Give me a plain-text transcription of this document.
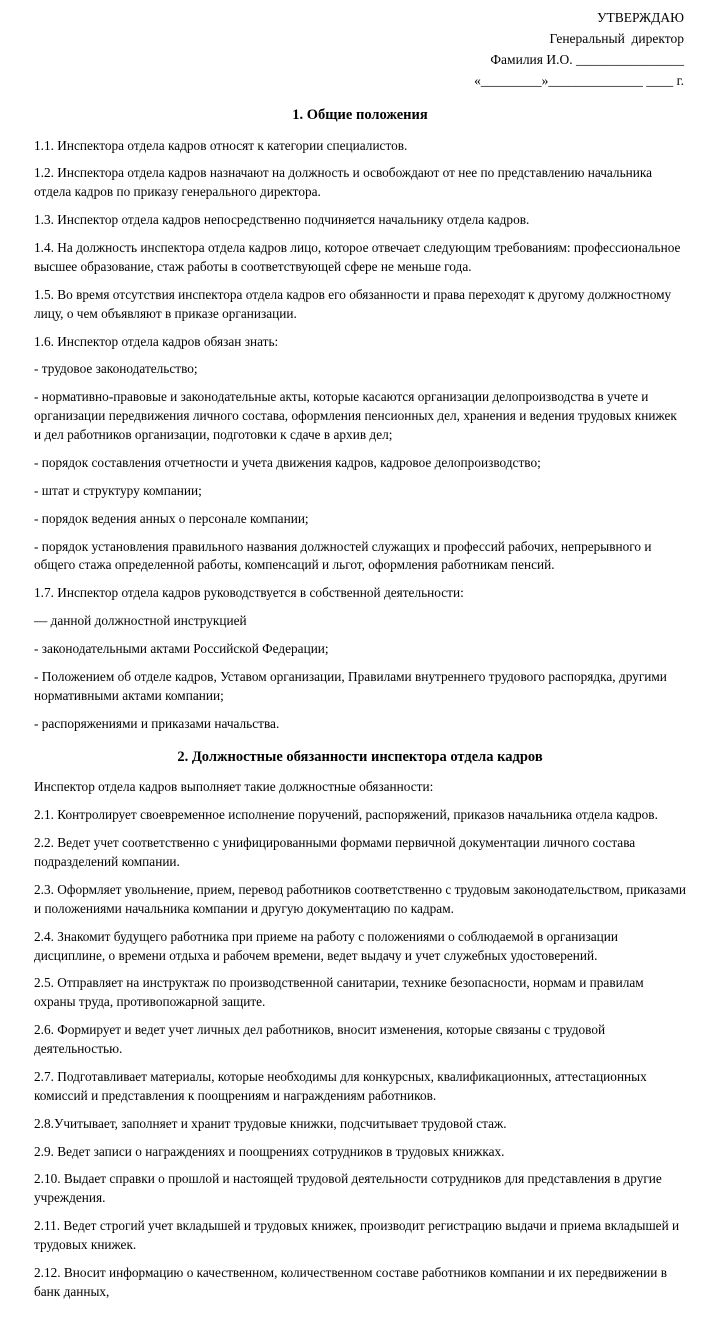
УТВЕРЖДАЮ
Генеральный  директор
Фамилия И.О. ________________
«_________»______________ ____ г.
1. Общие положения

1.1. Инспектора отдела кадров относят к категории специалистов.

1.2. Инспектора отдела кадров назначают на должность и освобождают от нее по представлению начальника отдела кадров по приказу генерального директора.

1.3. Инспектор отдела кадров непосредственно подчиняется начальнику отдела кадров.

1.4. На должность инспектора отдела кадров лицо, которое отвечает следующим требованиям: профессиональное высшее образование, стаж работы в соответствующей сфере не меньше года.

1.5. Во время отсутствия инспектора отдела кадров его обязанности и права переходят к другому должностному лицу, о чем объявляют в приказе организации.

1.6. Инспектор отдела кадров обязан знать:

- трудовое законодательство;

- нормативно-правовые и законодательные акты, которые касаются организации делопроизводства в учете и организации передвижения личного состава, оформления пенсионных дел, хранения и ведения трудовых книжек и дел работников организации, подготовки к сдаче в архив дел;

- порядок составления отчетности и учета движения кадров, кадровое делопроизводство;

- штат и структуру компании;

- порядок ведения анных о персонале компании;

- порядок установления правильного названия должностей служащих и профессий рабочих, непрерывного и общего стажа определенной работы, компенсаций и льгот, оформления работникам пенсий.

1.7. Инспектор отдела кадров руководствуется в собственной деятельности:

— данной должностной инструкцией

- законодательными актами Российской Федерации;

- Положением об отделе кадров, Уставом организации, Правилами внутреннего трудового распорядка, другими нормативными актами компании;

- распоряжениями и приказами начальства.

2. Должностные обязанности инспектора отдела кадров

Инспектор отдела кадров выполняет такие должностные обязанности:

2.1. Контролирует своевременное исполнение поручений, распоряжений, приказов начальника отдела кадров.

2.2. Ведет учет соответственно с унифицированными формами первичной документации личного состава подразделений компании.

2.3. Оформляет увольнение, прием, перевод работников соответственно с трудовым законодательством, приказами и положениями начальника компании и другую документацию по кадрам.

2.4. Знакомит будущего работника при приеме на работу с положениями о соблюдаемой в организации дисциплине, о времени отдыха и рабочем времени, ведет выдачу и учет служебных удостоверений.

2.5. Отправляет на инструктаж по производственной санитарии, технике безопасности, нормам и правилам охраны труда, противопожарной защите.

2.6. Формирует и ведет учет личных дел работников, вносит изменения, которые связаны с трудовой деятельностью.

2.7. Подготавливает материалы, которые необходимы для конкурсных, квалификационных, аттестационных комиссий и представления к поощрениям и награждениям работников.

2.8.Учитывает, заполняет и хранит трудовые книжки, подсчитывает трудовой стаж.

2.9. Ведет записи о награждениях и поощрениях сотрудников в трудовых книжках.

2.10. Выдает справки о прошлой и настоящей трудовой деятельности сотрудников для представления в другие учреждения.

2.11. Ведет строгий учет вкладышей и трудовых книжек, производит регистрацию выдачи и приема вкладышей и трудовых книжек.

2.12. Вносит информацию о качественном, количественном составе работников компании и их передвижении в банк данных,
